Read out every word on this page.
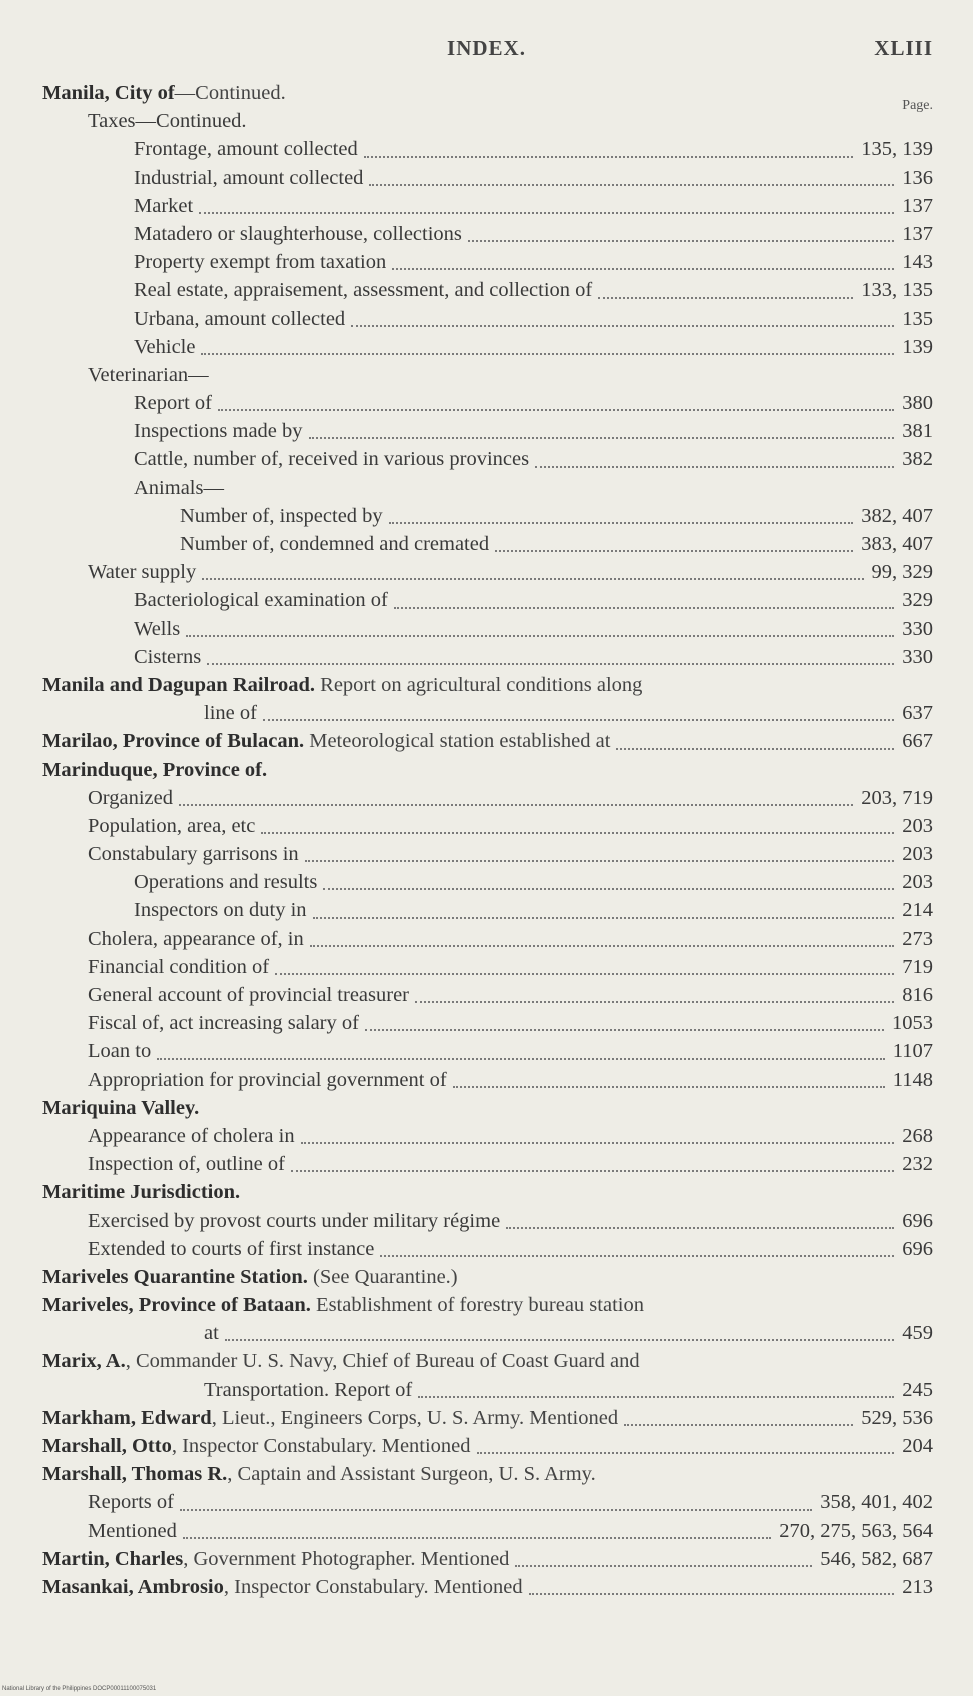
INDEX.	XLIII
Page.
Manila, City of—Continued.
Taxes—Continued.
Frontage, amount collected	135, 139
Industrial, amount collected	136
Market	137
Matadero or slaughterhouse, collections	137
Property exempt from taxation	143
Real estate, appraisement, assessment, and collection of	133, 135
Urbana, amount collected	135
Vehicle	139
Veterinarian—
Report of	380
Inspections made by	381
Cattle, number of, received in various provinces	382
Animals—
Number of, inspected by	382, 407
Number of, condemned and cremated	383, 407
Water supply	99, 329
Bacteriological examination of	329
Wells	330
Cisterns	330
Manila and Dagupan Railroad. Report on agricultural conditions along
line of	637
Marilao, Province of Bulacan. Meteorological station established at	667
Marinduque, Province of.
Organized	203, 719
Population, area, etc	203
Constabulary garrisons in	203
Operations and results	203
Inspectors on duty in	214
Cholera, appearance of, in	273
Financial condition of	719
General account of provincial treasurer	816
Fiscal of, act increasing salary of	1053
Loan to	1107
Appropriation for provincial government of	1148
Mariquina Valley.
Appearance of cholera in	268
Inspection of, outline of	232
Maritime Jurisdiction.
Exercised by provost courts under military régime	696
Extended to courts of first instance	696
Mariveles Quarantine Station. (See Quarantine.)
Mariveles, Province of Bataan. Establishment of forestry bureau station
at	459
Marix, A., Commander U. S. Navy, Chief of Bureau of Coast Guard and
Transportation. Report of	245
Markham, Edward, Lieut., Engineers Corps, U. S. Army. Mentioned	529, 536
Marshall, Otto, Inspector Constabulary. Mentioned	204
Marshall, Thomas R., Captain and Assistant Surgeon, U. S. Army.
Reports of	358, 401, 402
Mentioned	270, 275, 563, 564
Martin, Charles, Government Photographer. Mentioned	546, 582, 687
Masankai, Ambrosio, Inspector Constabulary. Mentioned	213
National Library of the Philippines DOCP00011100075031
